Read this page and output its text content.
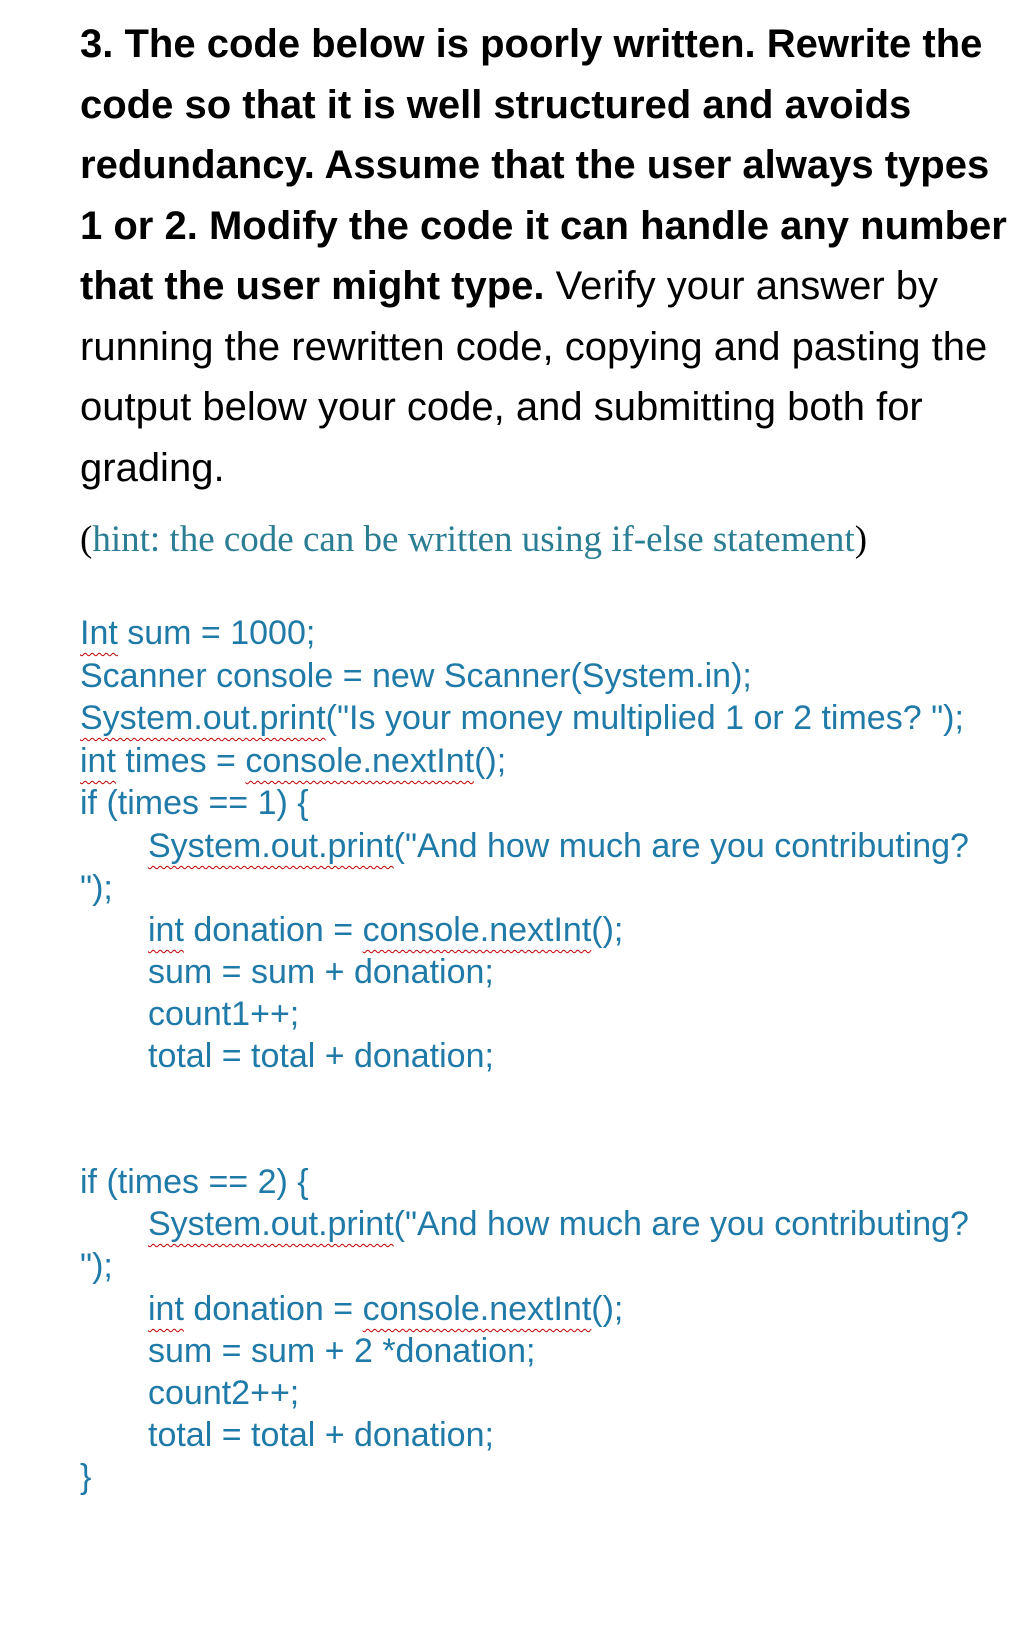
3. The code below is poorly written. Rewrite the code so that it is well structured and avoids redundancy. Assume that the user always types 1 or 2. Modify the code it can handle any number that the user might type. Verify your answer by running the rewritten code, copying and pasting the output below your code, and submitting both for grading.
(hint: the code can be written using if-else statement)
Int sum = 1000;
Scanner console = new Scanner(System.in);
System.out.print("Is your money multiplied 1 or 2 times? ");
int times = console.nextInt();
if (times == 1) {
System.out.print("And how much are you contributing?
");
int donation = console.nextInt();
sum = sum + donation;
count1++;
total = total + donation;
if (times == 2) {
System.out.print("And how much are you contributing?
");
int donation = console.nextInt();
sum = sum + 2 *donation;
count2++;
total = total + donation;
}
